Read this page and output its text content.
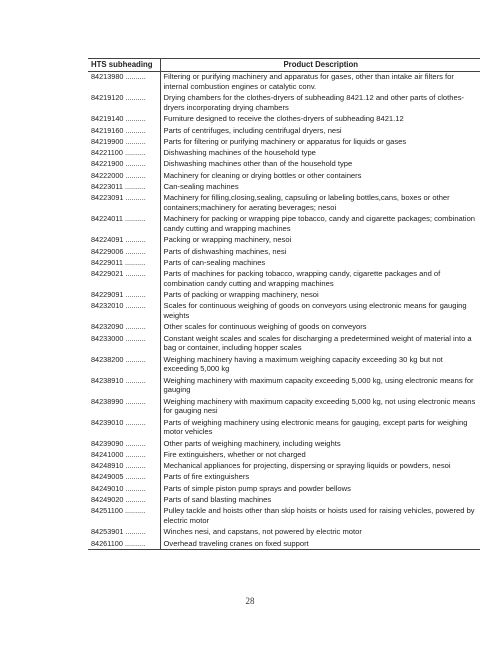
HTS subheading	Product Description
84213980 ..........	Filtering or purifying machinery and apparatus for gases, other than intake air filters for internal combustion engines or catalytic conv.
84219120 ..........	Drying chambers for the clothes-dryers of subheading 8421.12 and other parts of clothes-dryers incorporating drying chambers
84219140 ..........	Furniture designed to receive the clothes-dryers of subheading 8421.12
84219160 ..........	Parts of centrifuges, including centrifugal dryers, nesi
84219900 ..........	Parts for filtering or purifying machinery or apparatus for liquids or gases
84221100 ..........	Dishwashing machines of the household type
84221900 ..........	Dishwashing machines other than of the household type
84222000 ..........	Machinery for cleaning or drying bottles or other containers
84223011 ..........	Can-sealing machines
84223091 ..........	Machinery for filling,closing,sealing, capsuling or labeling bottles,cans, boxes or other containers;machinery for aerating beverages; nesoi
84224011 ..........	Machinery for packing or wrapping pipe tobacco, candy and cigarette packages; combination candy cutting and wrapping machines
84224091 ..........	Packing or wrapping machinery, nesoi
84229006 ..........	Parts of dishwashing machines, nesi
84229011 ..........	Parts of can-sealing machines
84229021 ..........	Parts of machines for packing tobacco, wrapping candy, cigarette packages and of combination candy cutting and wrapping machines
84229091 ..........	Parts of packing or wrapping machinery, nesoi
84232010 ..........	Scales for continuous weighing of goods on conveyors using electronic means for gauging weights
84232090 ..........	Other scales for continuous weighing of goods on conveyors
84233000 ..........	Constant weight scales and scales for discharging a predetermined weight of material into a bag or container, including hopper scales
84238200 ..........	Weighing machinery having a maximum weighing capacity exceeding 30 kg but not exceeding 5,000 kg
84238910 ..........	Weighing machinery with maximum capacity exceeding 5,000 kg, using electronic means for gauging
84238990 ..........	Weighing machinery with maximum capacity exceeding 5,000 kg, not using electronic means for gauging nesi
84239010 ..........	Parts of weighing machinery using electronic means for gauging, except parts for weighing motor vehicles
84239090 ..........	Other parts of weighing machinery, including weights
84241000 ..........	Fire extinguishers, whether or not charged
84248910 ..........	Mechanical appliances for projecting, dispersing or spraying liquids or powders, nesoi
84249005 ..........	Parts of fire extinguishers
84249010 ..........	Parts of simple piston pump sprays and powder bellows
84249020 ..........	Parts of sand blasting machines
84251100 ..........	Pulley tackle and hoists other than skip hoists or hoists used for raising vehicles, powered by electric motor
84253901 ..........	Winches nesi, and capstans, not powered by electric motor
84261100 ..........	Overhead traveling cranes on fixed support
28
